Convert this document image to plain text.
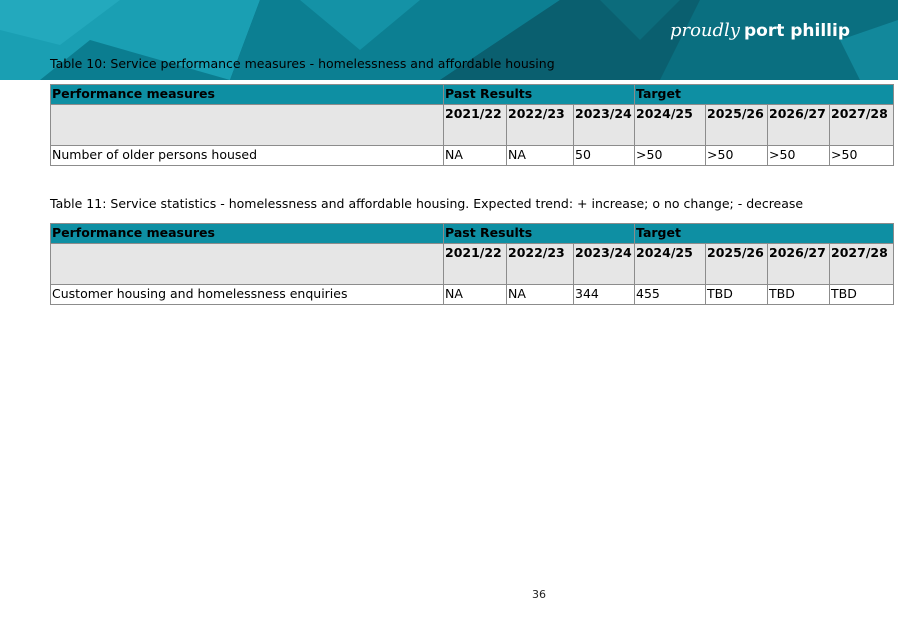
proudly port phillip
Table 10: Service performance measures - homelessness and affordable housing
Performance measures	Past Results			Target			
	2021/22	2022/23	2023/24	2024/25	2025/26	2026/27	2027/28
Number of older persons housed	NA	NA	50	>50	>50	>50	>50
Table 11: Service statistics - homelessness and affordable housing. Expected trend: + increase; o no change; - decrease
Performance measures	Past Results			Target			
	2021/22	2022/23	2023/24	2024/25	2025/26	2026/27	2027/28
Customer housing and homelessness enquiries	NA	NA	344	455	TBD	TBD	TBD
36
